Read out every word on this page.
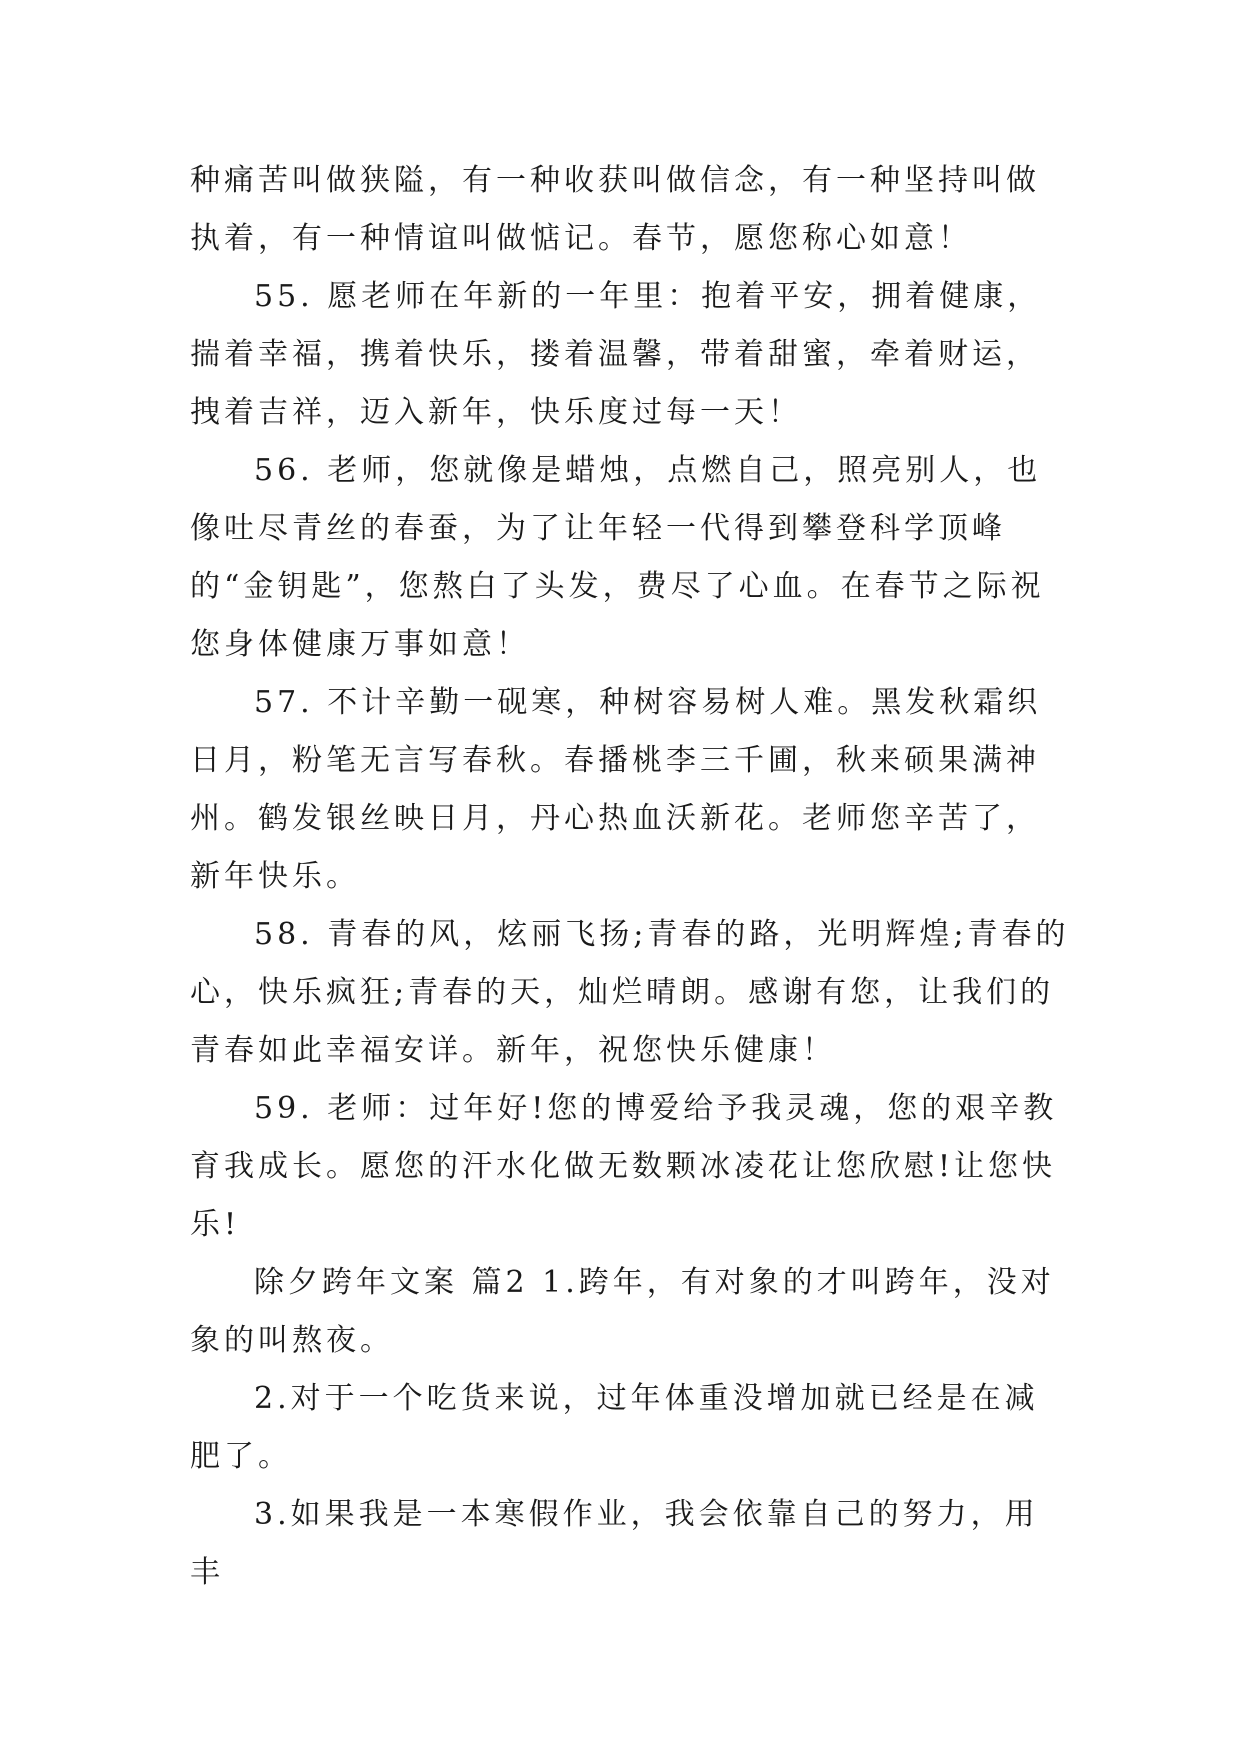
种痛苦叫做狭隘，有一种收获叫做信念，有一种坚持叫做执着，有一种情谊叫做惦记。春节，愿您称心如意！

55. 愿老师在年新的一年里：抱着平安，拥着健康，揣着幸福，携着快乐，搂着温馨，带着甜蜜，牵着财运，拽着吉祥，迈入新年，快乐度过每一天！

56. 老师，您就像是蜡烛，点燃自己，照亮别人，也像吐尽青丝的春蚕，为了让年轻一代得到攀登科学顶峰的“金钥匙”，您熬白了头发，费尽了心血。在春节之际祝您身体健康万事如意！

57. 不计辛勤一砚寒，种树容易树人难。黑发秋霜织日月，粉笔无言写春秋。春播桃李三千圃，秋来硕果满神州。鹤发银丝映日月，丹心热血沃新花。老师您辛苦了，新年快乐。

58. 青春的风，炫丽飞扬;青春的路，光明辉煌;青春的心，快乐疯狂;青春的天，灿烂晴朗。感谢有您，让我们的青春如此幸福安详。新年，祝您快乐健康！

59. 老师：过年好!您的博爱给予我灵魂，您的艰辛教育我成长。愿您的汗水化做无数颗冰凌花让您欣慰!让您快乐!

除夕跨年文案 篇2 1.跨年，有对象的才叫跨年，没对象的叫熬夜。

2.对于一个吃货来说，过年体重没增加就已经是在减肥了。

3.如果我是一本寒假作业，我会依靠自己的努力，用丰
